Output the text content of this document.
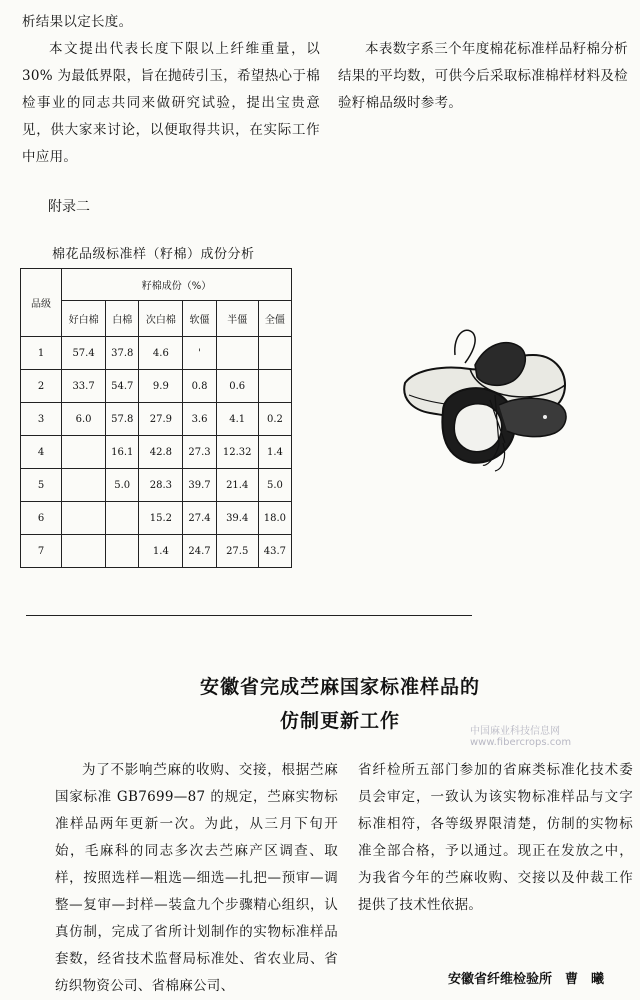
析结果以定长度。
本文提出代表长度下限以上纤维重量，以 30% 为最低界限，旨在抛砖引玉，希望热心于棉检事业的同志共同来做研究试验，提出宝贵意见，供大家来讨论，以便取得共识，在实际工作中应用。
本表数字系三个年度棉花标准样品籽棉分析结果的平均数，可供今后采取标准棉样材料及检验籽棉品级时参考。
附录二
棉花品级标准样（籽棉）成份分析
品级	籽棉成份（%）					
	好白棉	白棉	次白棉	软僵	半僵	全僵
1	57.4	37.8	4.6	'		
2	33.7	54.7	9.9	0.8	0.6	
3	6.0	57.8	27.9	3.6	4.1	0.2
4		16.1	42.8	27.3	12.32	1.4
5		5.0	28.3	39.7	21.4	5.0
6			15.2	27.4	39.4	18.0
7			1.4	24.7	27.5	43.7
安徽省完成苎麻国家标准样品的
仿制更新工作
为了不影响苎麻的收购、交接，根据苎麻国家标准 GB7699—87 的规定，苎麻实物标准样品两年更新一次。为此，从三月下旬开始，毛麻科的同志多次去苎麻产区调查、取样，按照选样—粗选—细选—扎把—预审—调整—复审—封样—装盒九个步骤精心组织，认真仿制，完成了省所计划制作的实物标准样品套数，经省技术监督局标准处、省农业局、省纺织物资公司、省棉麻公司、
省纤检所五部门参加的省麻类标准化技术委员会审定，一致认为该实物标准样品与文字标准相符，各等级界限清楚，仿制的实物标准全部合格，予以通过。现正在发放之中，为我省今年的苎麻收购、交接以及仲裁工作提供了技术性依据。
安徽省纤维检验所　曹　曦
中国麻业科技信息网 www.fibercrops.com
